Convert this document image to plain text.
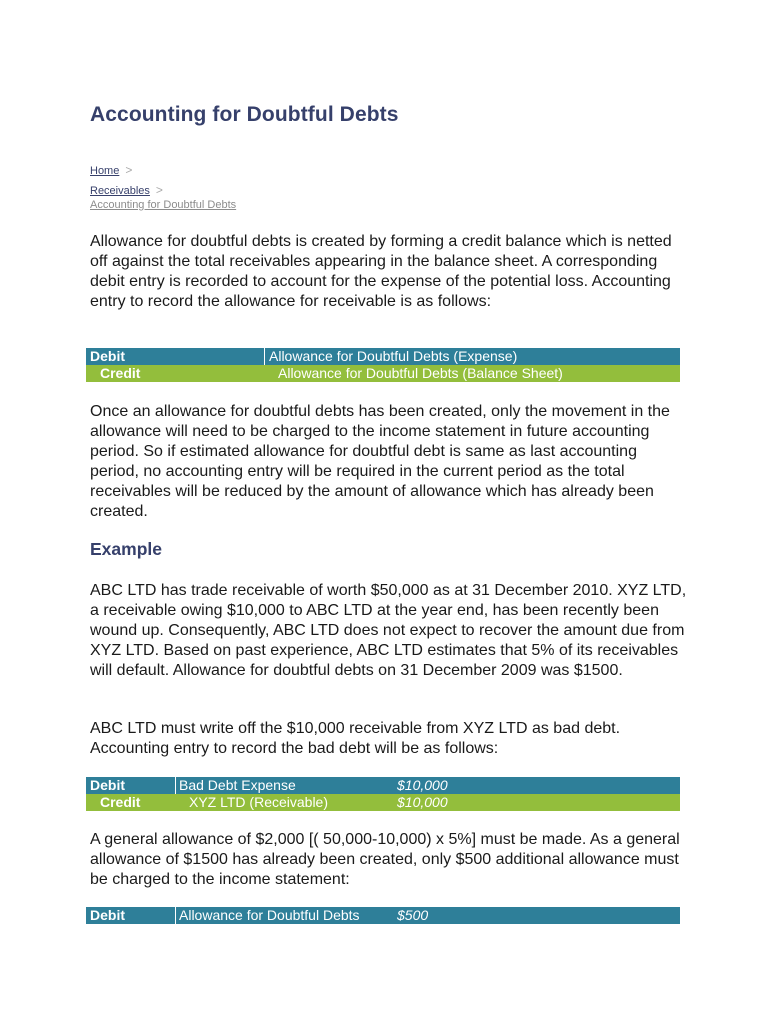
Accounting for Doubtful Debts
Home >
Receivables >
Accounting for Doubtful Debts

Allowance for doubtful debts is created by forming a credit balance which is netted off against the total receivables appearing in the balance sheet. A corresponding debit entry is recorded to account for the expense of the potential loss. Accounting entry to record the allowance for receivable is as follows:

Debit	Allowance for Doubtful Debts (Expense)
Credit	Allowance for Doubtful Debts (Balance Sheet)

Once an allowance for doubtful debts has been created, only the movement in the allowance will need to be charged to the income statement in future accounting period. So if estimated allowance for doubtful debt is same as last accounting period, no accounting entry will be required in the current period as the total receivables will be reduced by the amount of allowance which has already been created.

Example

ABC LTD has trade receivable of worth $50,000 as at 31 December 2010. XYZ LTD, a receivable owing $10,000 to ABC LTD at the year end, has been recently been wound up. Consequently, ABC LTD does not expect to recover the amount due from XYZ LTD. Based on past experience, ABC LTD estimates that 5% of its receivables will default. Allowance for doubtful debts on 31 December 2009 was $1500.

ABC LTD must write off the $10,000 receivable from XYZ LTD as bad debt. Accounting entry to record the bad debt will be as follows:

Debit	Bad Debt Expense	$10,000
Credit	XYZ LTD (Receivable)	$10,000

A general allowance of $2,000 [( 50,000-10,000) x 5%] must be made. As a general allowance of $1500 has already been created, only $500 additional allowance must be charged to the income statement:

Debit	Allowance for Doubtful Debts	$500
